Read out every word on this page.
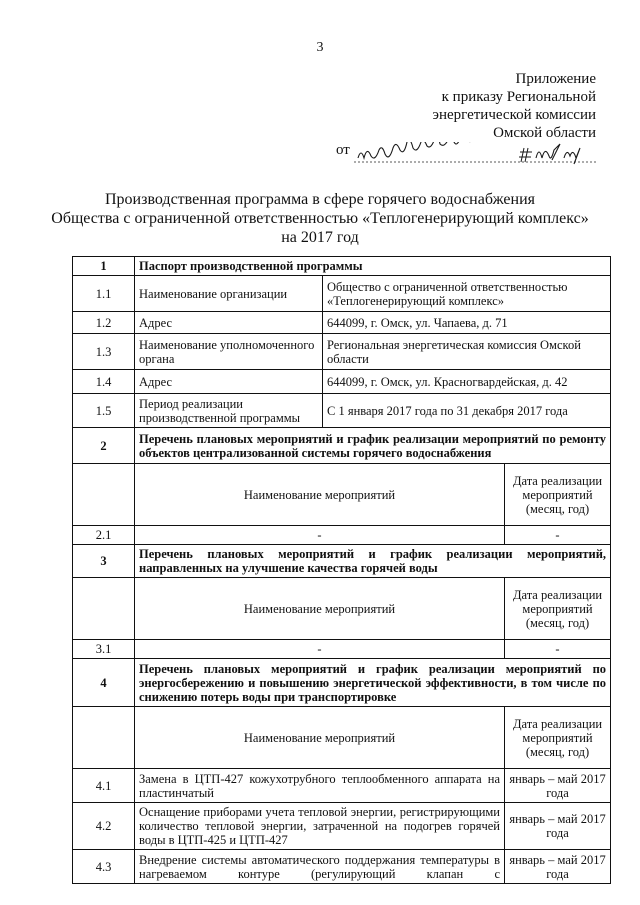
3
Приложение
к приказу Региональной
энергетической комиссии
Омской области
от
Производственная программа в сфере горячего водоснабжения
Общества с ограниченной ответственностью «Теплогенерирующий комплекс»
на 2017 год
1	Паспорт производственной программы		
1.1	Наименование организации	Общество с ограниченной ответственностью «Теплогенерирующий комплекс»	
1.2	Адрес	644099, г. Омск, ул. Чапаева, д. 71	
1.3	Наименование уполномоченного органа	Региональная энергетическая комиссия Омской области	
1.4	Адрес	644099, г. Омск, ул. Красногвардейская, д. 42	
1.5	Период реализации производственной программы	С 1 января 2017 года по 31 декабря 2017 года	
2	Перечень плановых мероприятий и график реализации мероприятий по ремонту объектов централизованной системы горячего водоснабжения		
	Наименование мероприятий		Дата реализации мероприятий (месяц, год)
2.1	-		-
3	Перечень плановых мероприятий и график реализации мероприятий, направленных на улучшение качества горячей воды		
	Наименование мероприятий		Дата реализации мероприятий (месяц, год)
3.1	-		-
4	Перечень плановых мероприятий и график реализации мероприятий по энергосбережению и повышению энергетической эффективности, в том числе по снижению потерь воды при транспортировке		
	Наименование мероприятий		Дата реализации мероприятий (месяц, год)
4.1	Замена в ЦТП-427 кожухотрубного теплообменного аппарата на пластинчатый		январь – май 2017 года
4.2	Оснащение приборами учета тепловой энергии, регистрирующими количество тепловой энергии, затраченной на подогрев горячей воды в ЦТП-425 и ЦТП-427		январь – май 2017 года
4.3	Внедрение системы автоматического поддержания температуры в нагреваемом контуре (регулирующий клапан с		январь – май 2017 года
